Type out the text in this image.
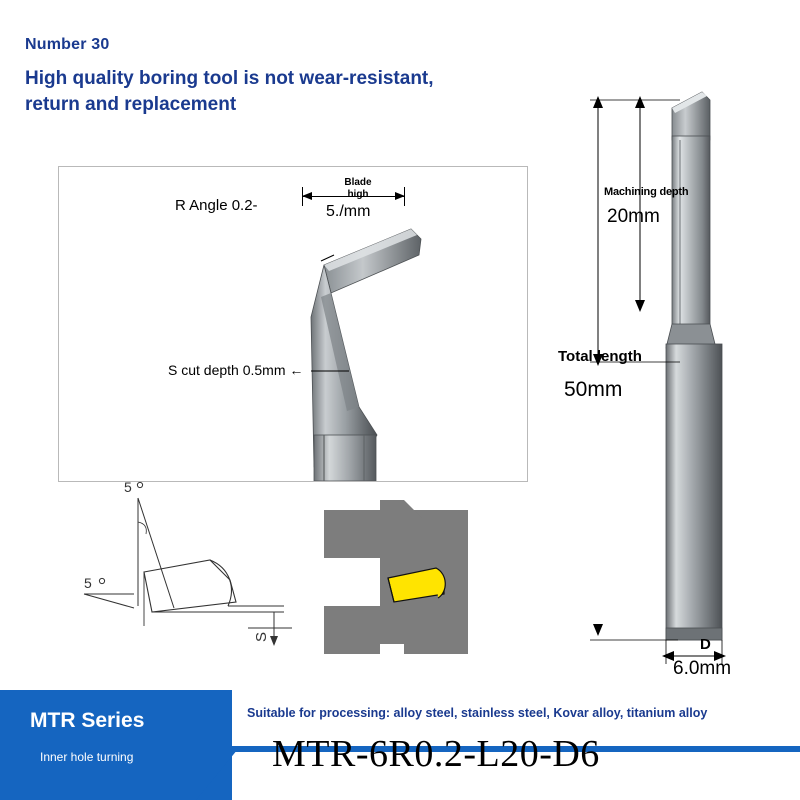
Number 30
High quality boring tool is not wear-resistant,
return and replacement
R Angle 0.2-
Blade
high
5./mm
S cut depth 0.5mm ←
Machining depth
20mm
Total length
50mm
D
6.0mm
5
5
S
MTR Series
Inner hole turning
Suitable for processing: alloy steel, stainless steel, Kovar alloy, titanium alloy
MTR-6R0.2-L20-D6
